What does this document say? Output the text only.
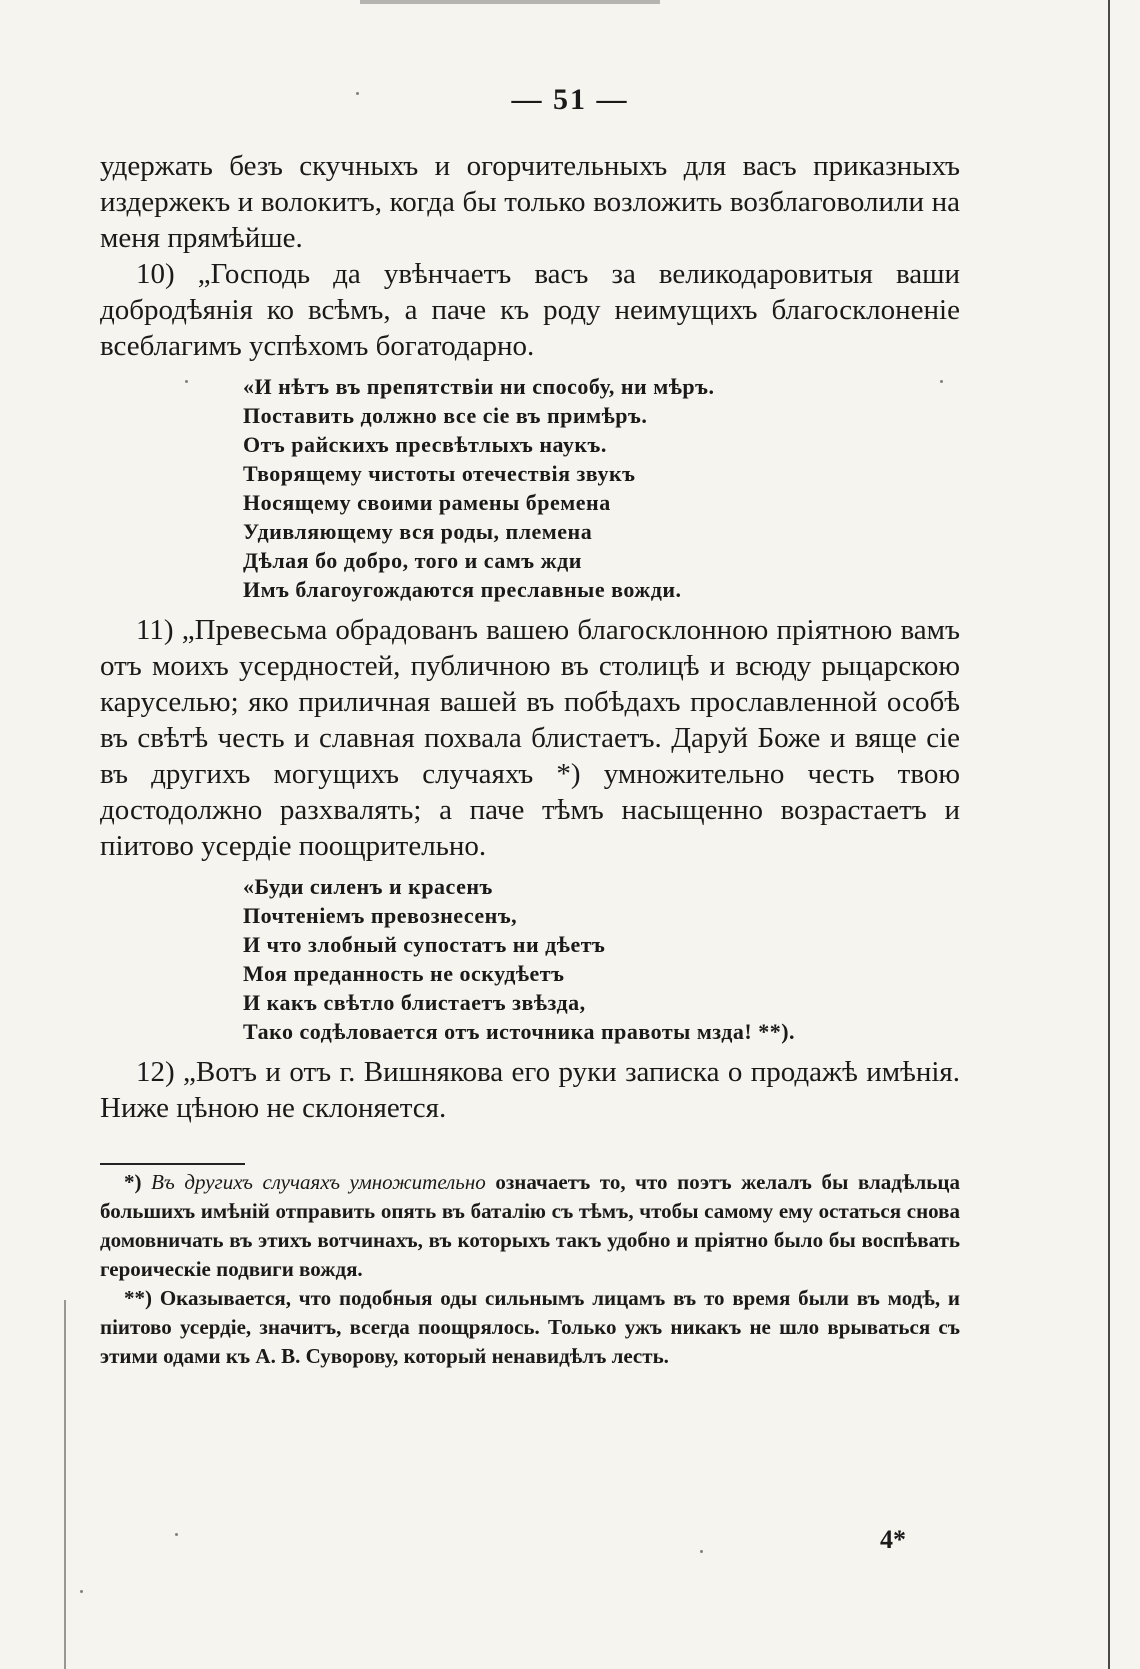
— 51 —

удержать безъ скучныхъ и огорчительныхъ для васъ приказныхъ издержекъ и волокитъ, когда бы только возложить возблаговолили на меня прямѣйше.

10) „Господь да увѣнчаетъ васъ за великодаровитыя ваши добродѣянія ко всѣмъ, а паче къ роду неимущихъ благосклоненіе всеблагимъ успѣхомъ богатодарно.

«И нѣтъ въ препятствіи ни способу, ни мѣръ.
Поставить должно все сіе въ примѣръ.
Отъ райскихъ пресвѣтлыхъ наукъ.
Творящему чистоты отечествія звукъ
Носящему своими рамены бремена
Удивляющему вся роды, племена
Дѣлая бо добро, того и самъ жди
Имъ благоугождаются преславные вожди.

11) „Превесьма обрадованъ вашею благосклонною пріятною вамъ отъ моихъ усердностей, публичною въ столицѣ и всюду рыцарскою каруселью; яко приличная вашей въ побѣдахъ прославленной особѣ въ свѣтѣ честь и славная похвала блистаетъ. Даруй Боже и вяще сіе въ другихъ могущихъ случаяхъ *) умножительно честь твою достодолжно разхвалять; а паче тѣмъ насыщенно возрастаетъ и піитово усердіе поощрительно.

«Буди силенъ и красенъ
Почтеніемъ превознесенъ,
И что злобный супостатъ ни дѣетъ
Моя преданность не оскудѣетъ
И какъ свѣтло блистаетъ звѣзда,
Тако содѣловается отъ источника правоты мзда! **).

12) „Вотъ и отъ г. Вишнякова его руки записка о продажѣ имѣнія. Ниже цѣною не склоняется.

*) Въ другихъ случаяхъ умножительно означаетъ то, что поэтъ желалъ бы владѣльца большихъ имѣній отправить опять въ баталію съ тѣмъ, чтобы самому ему остаться снова домовничать въ этихъ вотчинахъ, въ которыхъ такъ удобно и пріятно было бы воспѣвать героическіе подвиги вождя.

**) Оказывается, что подобныя оды сильнымъ лицамъ въ то время были въ модѣ, и піитово усердіе, значитъ, всегда поощрялось. Только ужъ никакъ не шло врываться съ этими одами къ А. В. Суворову, который ненавидѣлъ лесть.

4*
